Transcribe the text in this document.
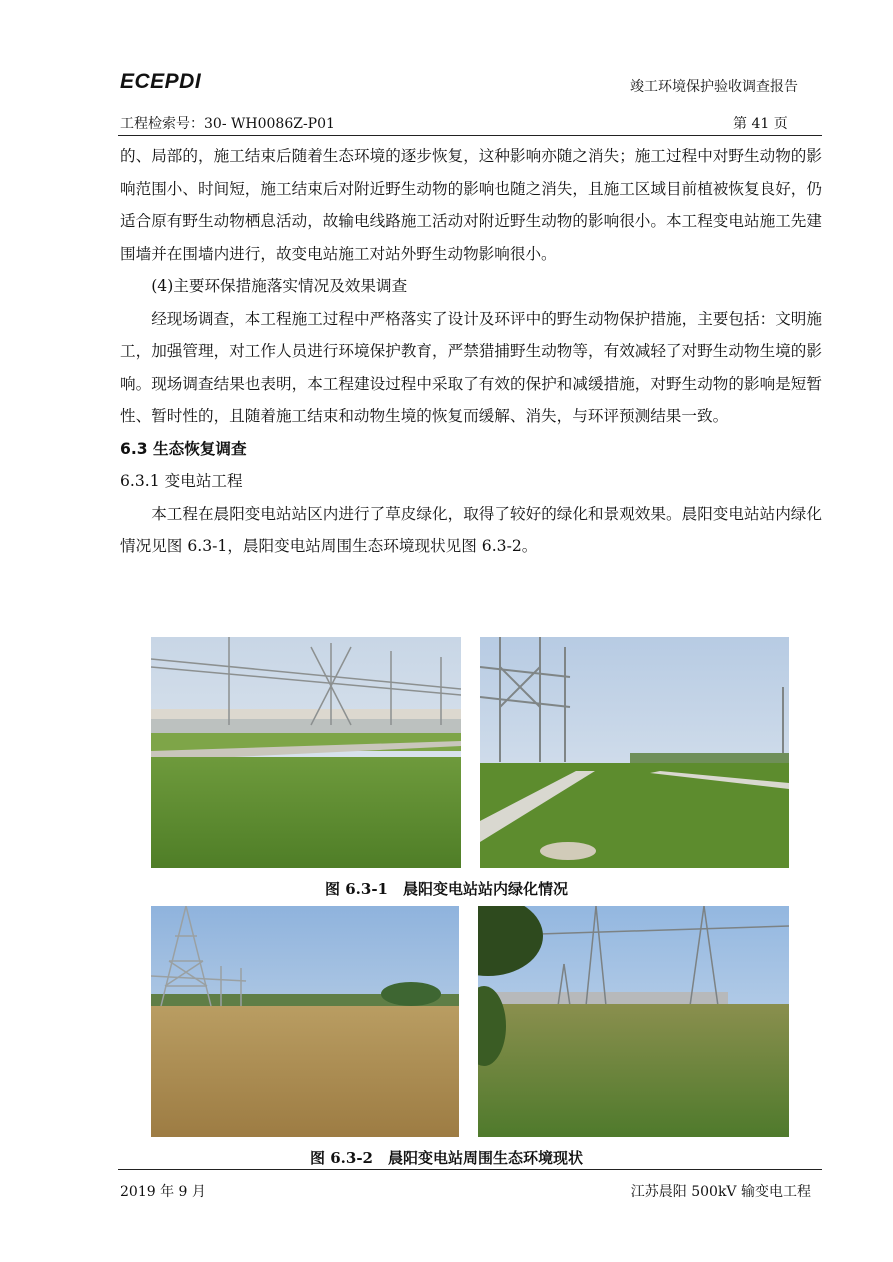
ECEPDI	竣工环境保护验收调查报告
工程检索号：30- WH0086Z-P01	第 41 页

的、局部的，施工结束后随着生态环境的逐步恢复，这种影响亦随之消失；施工过程中对野生动物的影响范围小、时间短，施工结束后对附近野生动物的影响也随之消失，且施工区域目前植被恢复良好，仍适合原有野生动物栖息活动，故输电线路施工活动对附近野生动物的影响很小。本工程变电站施工先建围墙并在围墙内进行，故变电站施工对站外野生动物影响很小。

(4)主要环保措施落实情况及效果调查

经现场调查，本工程施工过程中严格落实了设计及环评中的野生动物保护措施，主要包括：文明施工，加强管理，对工作人员进行环境保护教育，严禁猎捕野生动物等，有效减轻了对野生动物生境的影响。现场调查结果也表明，本工程建设过程中采取了有效的保护和减缓措施，对野生动物的影响是短暂性、暂时性的，且随着施工结束和动物生境的恢复而缓解、消失，与环评预测结果一致。

6.3 生态恢复调查

6.3.1 变电站工程

本工程在晨阳变电站站区内进行了草皮绿化，取得了较好的绿化和景观效果。晨阳变电站站内绿化情况见图 6.3-1，晨阳变电站周围生态环境现状见图 6.3-2。

图 6.3-1　晨阳变电站站内绿化情况
图 6.3-2　晨阳变电站周围生态环境现状
2019 年 9 月	江苏晨阳 500kV 输变电工程
